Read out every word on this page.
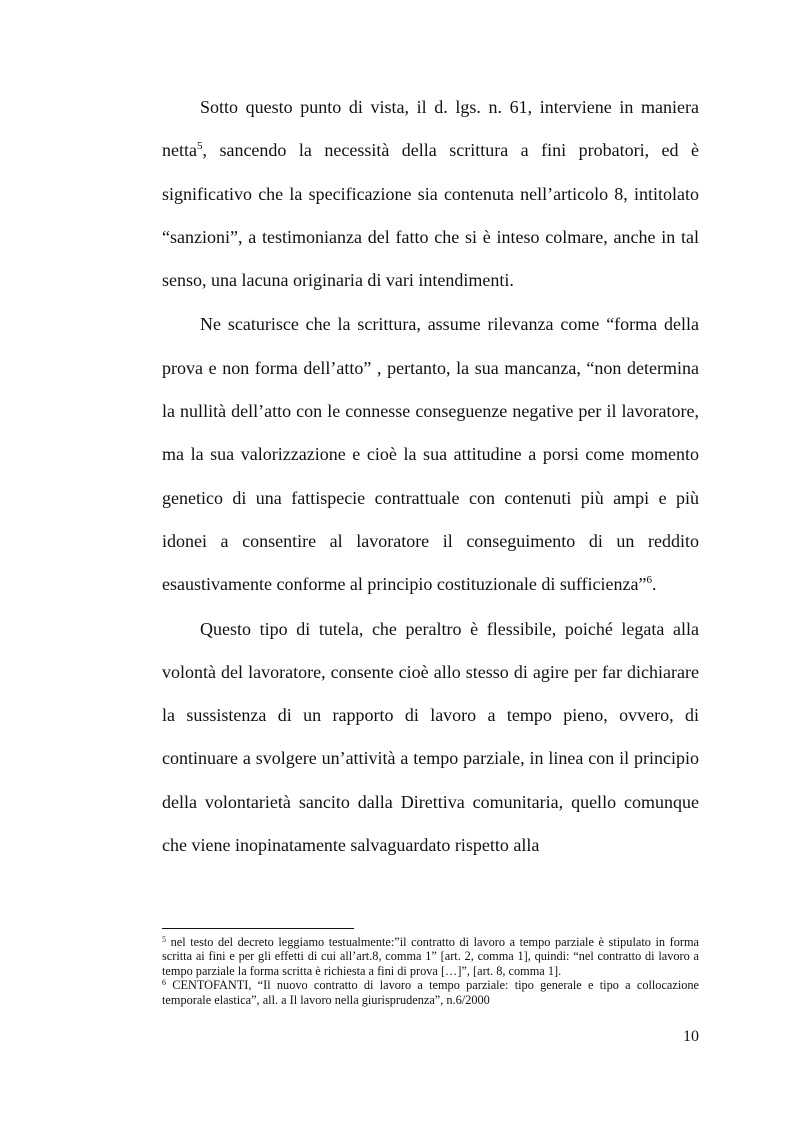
Sotto questo punto di vista, il d. lgs. n. 61, interviene in maniera netta$^5$, sancendo la necessità della scrittura a fini probatori, ed è significativo che la specificazione sia contenuta nell’articolo 8, intitolato “sanzioni”, a testimonianza del fatto che si è inteso colmare, anche in tal senso, una lacuna originaria di vari intendimenti.

Ne scaturisce che la scrittura, assume rilevanza come “forma della prova e non forma dell’atto” , pertanto, la sua mancanza, “non determina la nullità dell’atto con le connesse conseguenze negative per il lavoratore, ma la sua valorizzazione e cioè la sua attitudine a porsi come momento genetico di una fattispecie contrattuale con contenuti più ampi e più idonei a consentire al lavoratore il conseguimento di un reddito esaustivamente conforme al principio costituzionale di sufficienza”$^6$.

Questo tipo di tutela, che peraltro è flessibile, poiché legata alla volontà del lavoratore, consente cioè allo stesso di agire per far dichiarare la sussistenza di un rapporto di lavoro a tempo pieno, ovvero, di continuare a svolgere un’attività a tempo parziale, in linea con il principio della volontarietà sancito dalla Direttiva comunitaria, quello comunque che viene inopinatamente salvaguardato rispetto alla

$^5$ nel testo del decreto leggiamo testualmente:”il contratto di lavoro a tempo parziale è stipulato in forma scritta ai fini e per gli effetti di cui all’art.8, comma 1” [art. 2, comma 1], quindi: “nel contratto di lavoro a tempo parziale la forma scritta è richiesta a fini di prova […]”, [art. 8, comma 1].

$^6$ CENTOFANTI, “Il nuovo contratto di lavoro a tempo parziale: tipo generale e tipo a collocazione temporale elastica”, all. a Il lavoro nella giurisprudenza”, n.6/2000

10
